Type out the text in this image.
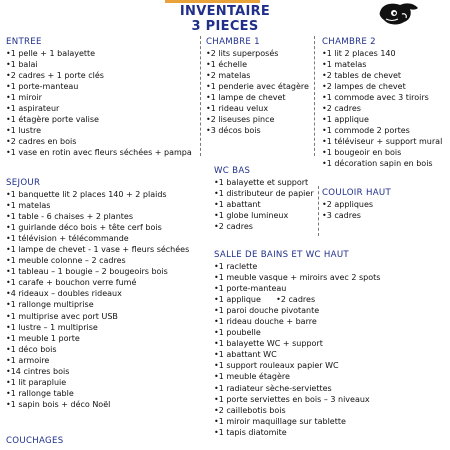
INVENTAIRE
3 PIECES
ENTREE
•1 pelle + 1 balayette
•1 balai
•2 cadres + 1 porte clés
•1 porte-manteau
•1 miroir
•1 aspirateur
•1 étagère porte valise
•1 lustre
•2 cadres en bois
•1 vase en rotin avec fleurs séchées + pampa
SEJOUR
•1 banquette lit 2 places 140 + 2 plaids
•1 matelas
•1 table - 6 chaises + 2 plantes
•1 guirlande déco bois + tête cerf bois
•1 télévision + télécommande
•1 lampe de chevet - 1 vase + fleurs séchées
•1 meuble colonne – 2 cadres
•1 tableau – 1 bougie – 2 bougeoirs bois
•1 carafe + bouchon verre fumé
•4 rideaux – doubles rideaux
•1 rallonge multiprise
•1 multiprise avec port USB
•1 lustre – 1 multiprise
•1 meuble 1 porte
•1 déco bois
•1 armoire
•14 cintres bois
•1 lit parapluie
•1 rallonge table
•1 sapin bois + déco Noël
COUCHAGES
CHAMBRE 1
•2 lits superposés
•1 échelle
•2 matelas
•1 penderie avec étagère
•1 lampe de chevet
•1 rideau velux
•2 liseuses pince
•3 décos bois
CHAMBRE 2
•1 lit 2 places 140
•1 matelas
•2 tables de chevet
•2 lampes de chevet
•1 commode avec 3 tiroirs
•2 cadres
•1 applique
•1 commode 2 portes
•1 téléviseur + support mural
•1 bougeoir en bois
•1 décoration sapin en bois
WC BAS
•1 balayette et support
•1 distributeur de papier
•1 abattant
•1 globe lumineux
•2 cadres
COULOIR HAUT
•2 appliques
•3 cadres
SALLE DE BAINS ET WC HAUT
•1 raclette
•1 meuble vasque + miroirs avec 2 spots
•1 porte-manteau
•1 applique      •2 cadres
•1 paroi douche pivotante
•1 rideau douche + barre
•1 poubelle
•1 balayette WC + support
•1 abattant WC
•1 support rouleaux papier WC
•1 meuble étagère
•1 radiateur sèche-serviettes
•1 porte serviettes en bois – 3 niveaux
•2 caillebotis bois
•1 miroir maquillage sur tablette
•1 tapis diatomite
